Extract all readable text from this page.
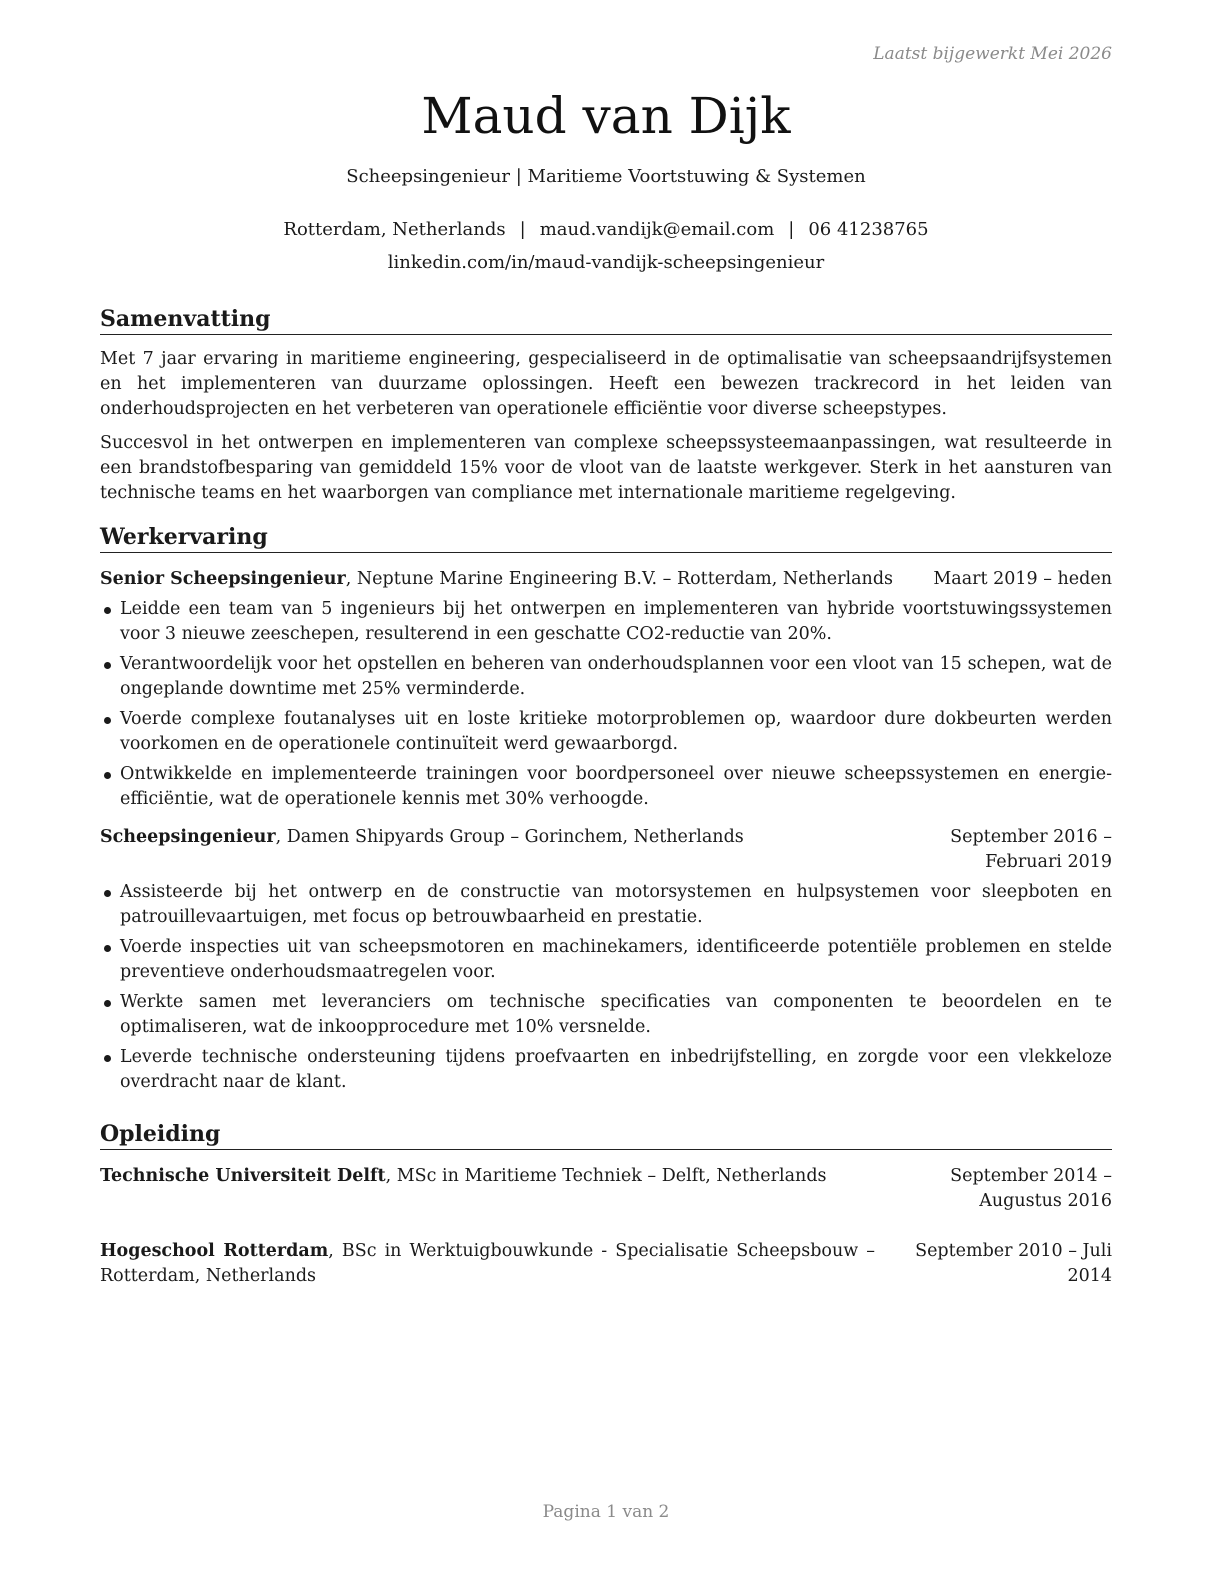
Laatst bijgewerkt Mei 2026
Maud van Dijk
Scheepsingenieur | Maritieme Voortstuwing & Systemen
Rotterdam, Netherlands | maud.vandijk@email.com | 06 41238765
linkedin.com/in/maud-vandijk-scheepsingenieur
Samenvatting

Met 7 jaar ervaring in maritieme engineering, gespecialiseerd in de optimalisatie van scheepsaandrijfsystemen en het implementeren van duurzame oplossingen. Heeft een bewezen trackrecord in het leiden van onderhoudsprojecten en het verbeteren van operationele efficiëntie voor diverse scheepstypes.

Succesvol in het ontwerpen en implementeren van complexe scheepssysteemaanpassingen, wat resulteerde in een brandstofbesparing van gemiddeld 15% voor de vloot van de laatste werkgever. Sterk in het aansturen van technische teams en het waarborgen van compliance met internationale maritieme regelgeving.

Werkervaring
Senior Scheepsingenieur, Neptune Marine Engineering B.V. – Rotterdam, Netherlands Maart 2019 – heden
Leidde een team van 5 ingenieurs bij het ontwerpen en implementeren van hybride voortstuwingssystemen voor 3 nieuwe zeeschepen, resulterend in een geschatte CO2-reductie van 20%.
Verantwoordelijk voor het opstellen en beheren van onderhoudsplannen voor een vloot van 15 schepen, wat de ongeplande downtime met 25% verminderde.
Voerde complexe foutanalyses uit en loste kritieke motorproblemen op, waardoor dure dokbeurten werden voorkomen en de operationele continuïteit werd gewaarborgd.
Ontwikkelde en implementeerde trainingen voor boordpersoneel over nieuwe scheepssystemen en energie-efficiëntie, wat de operationele kennis met 30% verhoogde.
Scheepsingenieur, Damen Shipyards Group – Gorinchem, Netherlands	September 2016 – Februari 2019
Assisteerde bij het ontwerp en de constructie van motorsystemen en hulpsystemen voor sleepboten en patrouillevaartuigen, met focus op betrouwbaarheid en prestatie.
Voerde inspecties uit van scheepsmotoren en machinekamers, identificeerde potentiële problemen en stelde preventieve onderhoudsmaatregelen voor.
Werkte samen met leveranciers om technische specificaties van componenten te beoordelen en te optimaliseren, wat de inkoopprocedure met 10% versnelde.
Leverde technische ondersteuning tijdens proefvaarten en inbedrijfstelling, en zorgde voor een vlekkeloze overdracht naar de klant.
Opleiding
Technische Universiteit Delft, MSc in Maritieme Techniek – Delft, Netherlands	September 2014 – Augustus 2016
Hogeschool Rotterdam, BSc in Werktuigbouwkunde - Specialisatie Scheepsbouw – Rotterdam, Netherlands
September 2010 – Juli 2014
Pagina 1 van 2
